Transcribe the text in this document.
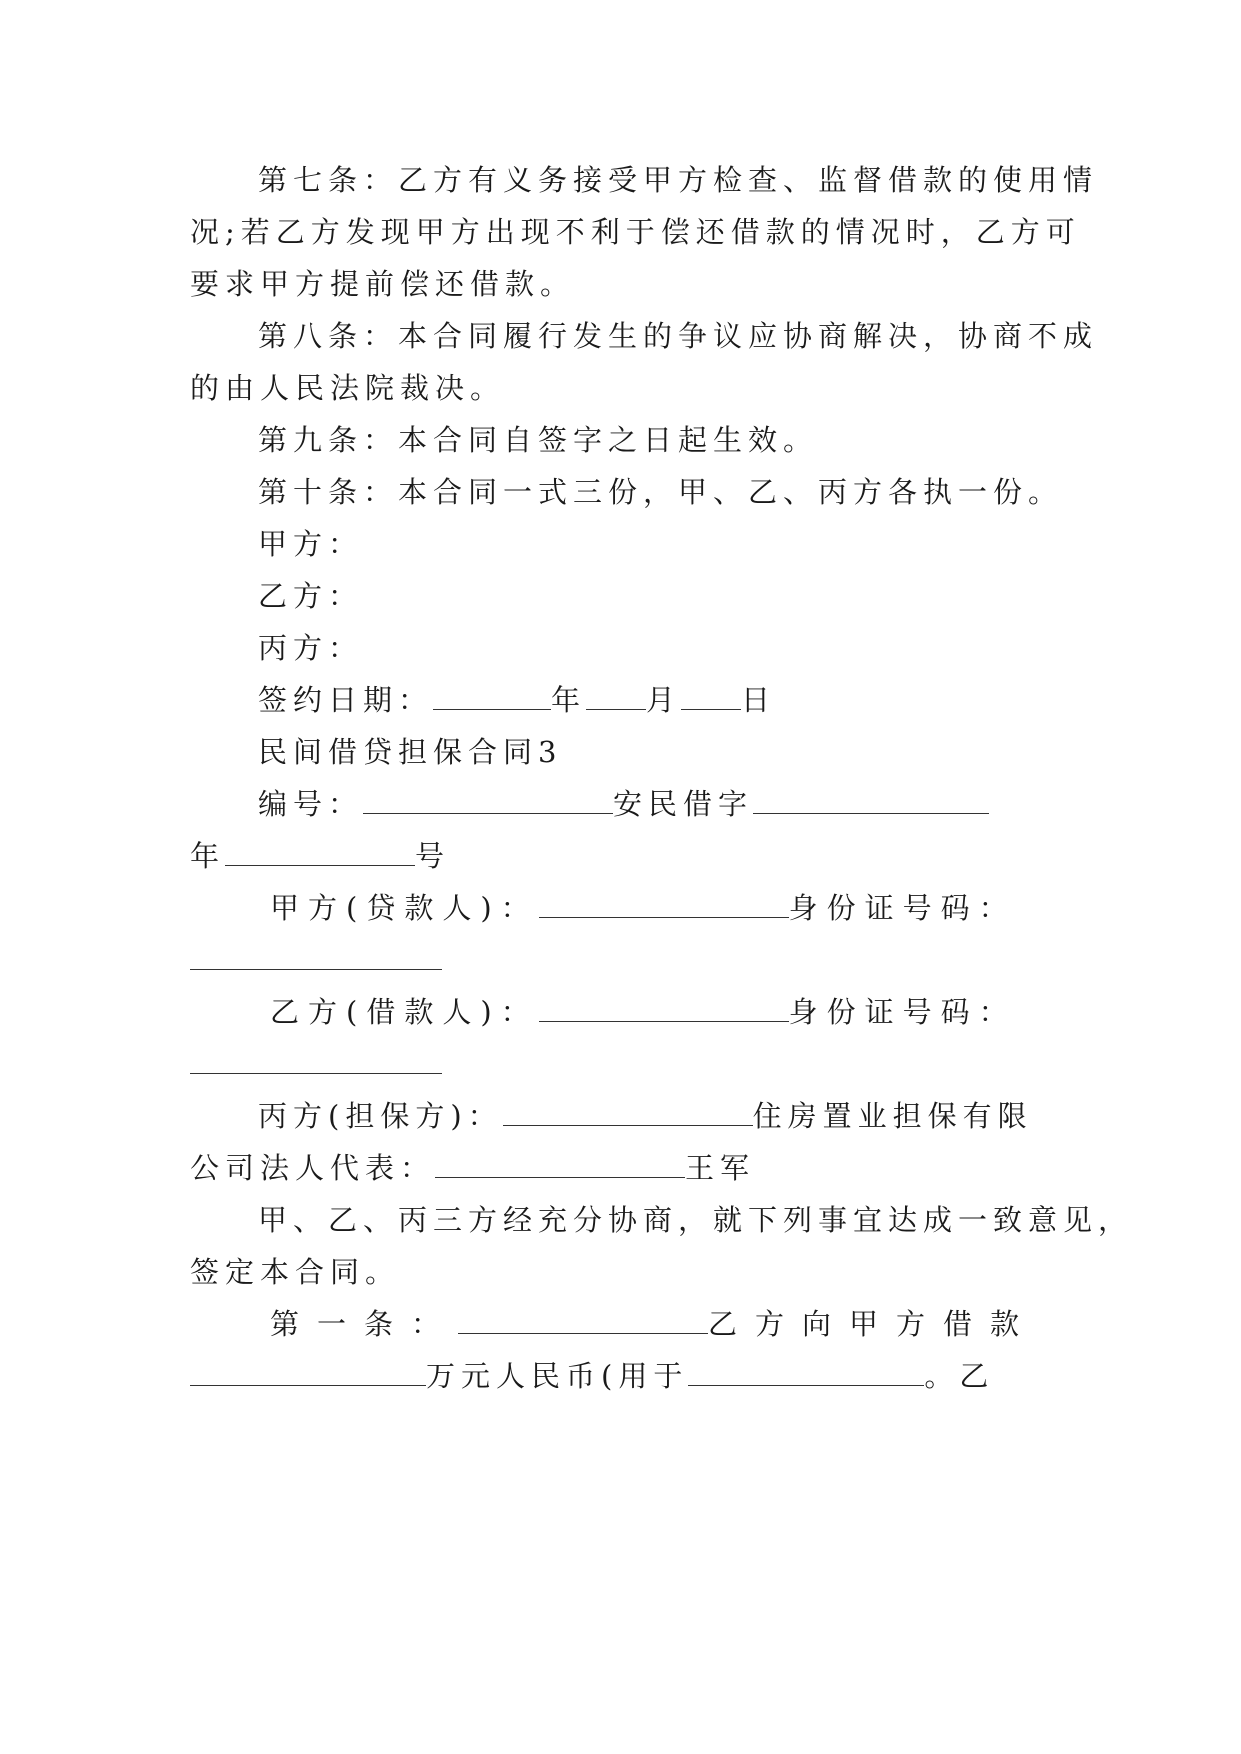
第七条：乙方有义务接受甲方检查、监督借款的使用情
况;若乙方发现甲方出现不利于偿还借款的情况时，乙方可
要求甲方提前偿还借款。
第八条：本合同履行发生的争议应协商解决，协商不成
的由人民法院裁决。
第九条：本合同自签字之日起生效。
第十条：本合同一式三份，甲、乙、丙方各执一份。
甲方：
乙方：
丙方：
签约日期：	年 月 日
民间借贷担保合同3
编号：	安民借字
年	号
甲方(贷款人)：	身份证号码：
乙方(借款人)：	身份证号码：
丙方(担保方)：	住房置业担保有限
公司法人代表：	王军
甲、乙、丙三方经充分协商，就下列事宜达成一致意见，
签定本合同。
第一条：	乙方向甲方借款
万元人民币(用于	。乙
